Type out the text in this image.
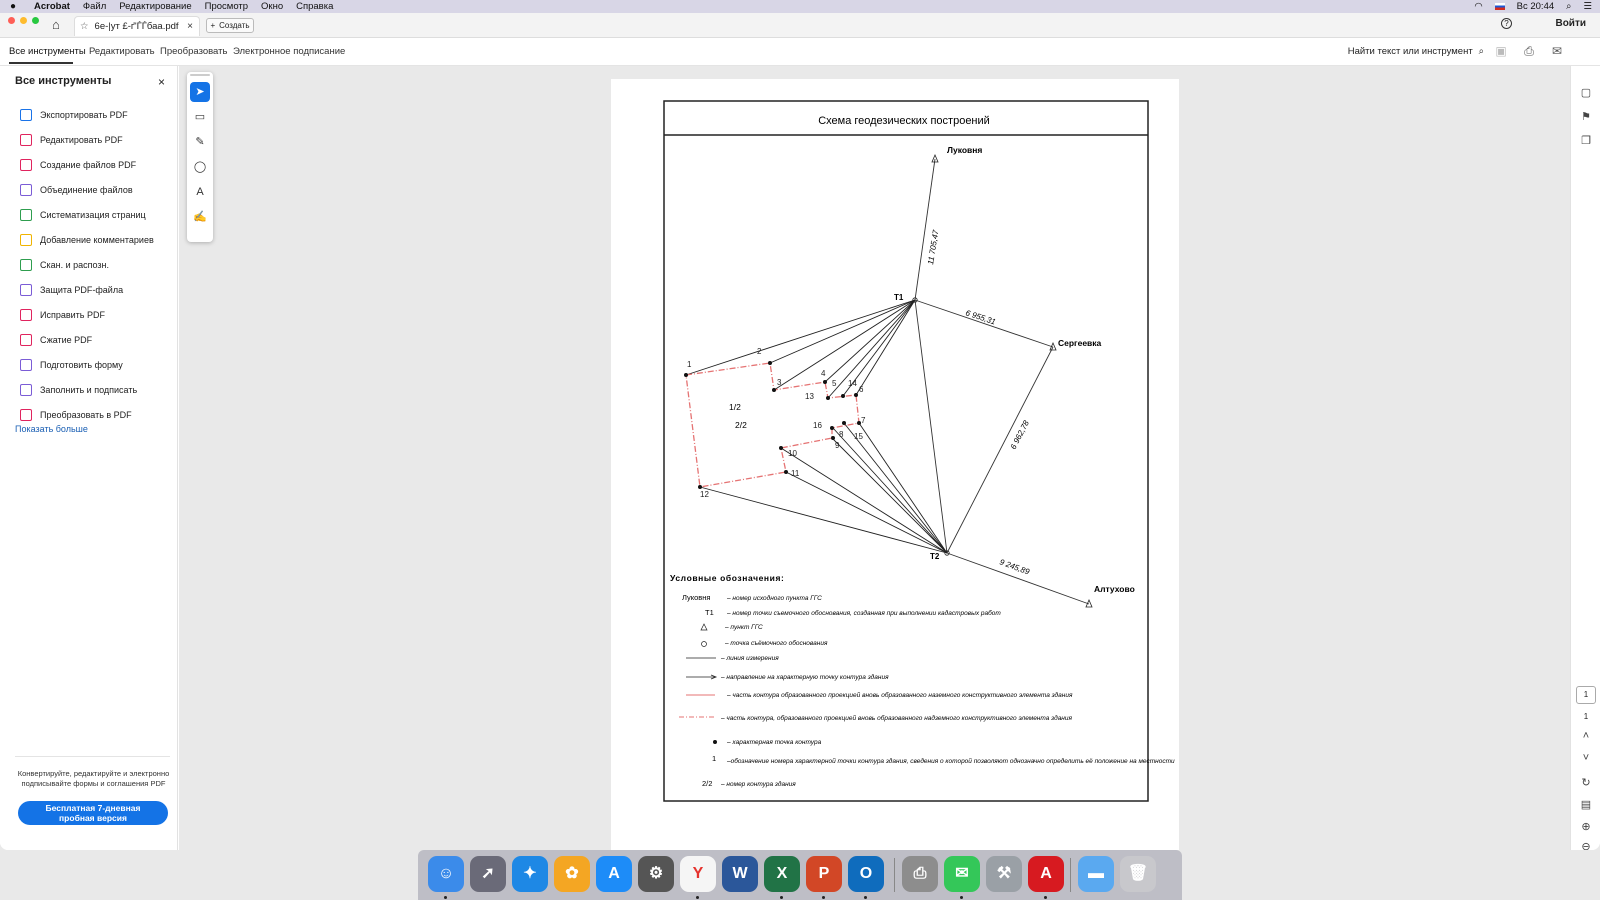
●	Acrobat Файл Редактирование Просмотр Окно Справка	◠	Вс 20:44 ⌕ ☰
⌂	☆ 6е-|ут £-ґ'ЃЃбаа.pdf × + Создать	?	Войти
Все инструменты Редактировать Преобразовать Электронное подписание	Найти текст или инструмент ⌕ ▣ ⎙ ✉
Все инструменты	×
Экспортировать PDF
Редактировать PDF
Создание файлов PDF
Объединение файлов
Систематизация страниц
Добавление комментариев
Скан. и распозн.
Защита PDF-файла
Исправить PDF
Сжатие PDF
Подготовить форму
Заполнить и подписать
Преобразовать в PDF
Показать больше
Конвертируйте, редактируйте и электронно подписывайте формы и соглашения PDF
Бесплатная 7-дневная
пробная версия
Схема геодезических построений
1
2
3
4
5
6
7
8
9
10
11
12
13
14
15
16
1/2
2/2
Луковня
Сергеевка
Алтухово
Т1
Т2
11 705,47
6 955,31
6 962,78
9 245,89
Условные обозначения:
Луковня	– номер исходного пункта ГГС
Т1 – номер точки съемочного обоснования, созданная при выполнении кадастровых работ
– пункт ГГС
– точка съёмочного обоснования
– линия измерения
– направление на характерную точку контура здания
– часть контура образованного проекцией вновь образованного наземного конструктивного элемента здания
– часть контура, образованного проекцией вновь образованного надземного конструктивного элемента здания
– характерная точка контура
1 –обозначение номера характерной точки контура здания, сведения о которой позволяют однозначно определить её положение на местности
2/2 – номер контура здания
➤
▭
✎
◯
A
✍
▢
⚑
❐
1
1
˄
˅
↻
▤
⊕
⊖
☺	➚	✦	✿	A	⚙	Y	W	X	P	O	⎙	✉	⚒	A	▬	🗑
